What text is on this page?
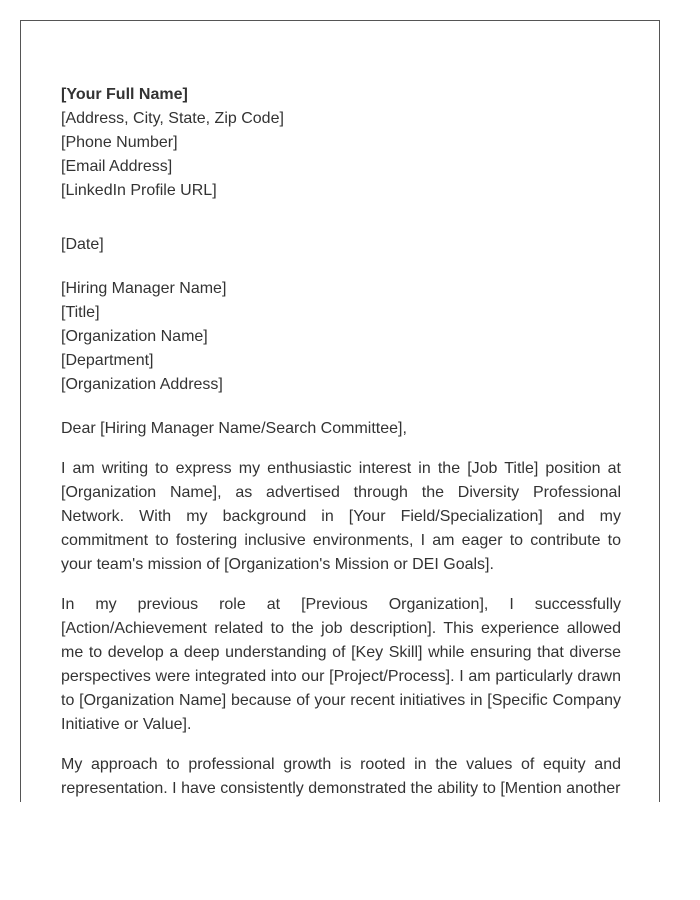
[Your Full Name]
[Address, City, State, Zip Code]
[Phone Number]
[Email Address]
[LinkedIn Profile URL]
[Date]
[Hiring Manager Name]
[Title]
[Organization Name]
[Department]
[Organization Address]
Dear [Hiring Manager Name/Search Committee],

I am writing to express my enthusiastic interest in the [Job Title] position at [Organization Name], as advertised through the Diversity Professional Network. With my background in [Your Field/Specialization] and my commitment to fostering inclusive environments, I am eager to contribute to your team's mission of [Organization's Mission or DEI Goals].

In my previous role at [Previous Organization], I successfully [Action/Achievement related to the job description]. This experience allowed me to develop a deep understanding of [Key Skill] while ensuring that diverse perspectives were integrated into our [Project/Process]. I am particularly drawn to [Organization Name] because of your recent initiatives in [Specific Company Initiative or Value].

My approach to professional growth is rooted in the values of equity and representation. I have consistently demonstrated the ability to [Mention another
